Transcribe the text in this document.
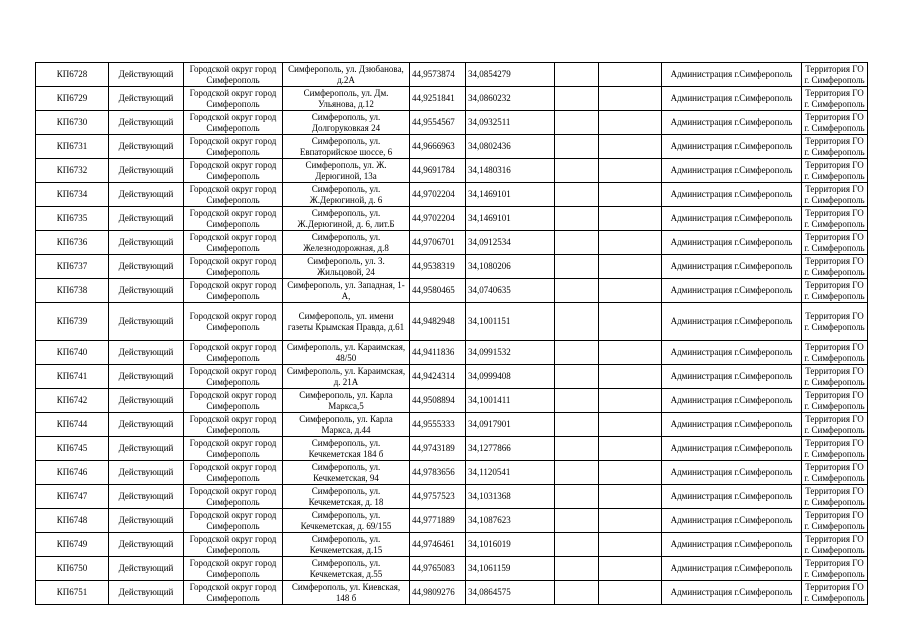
КП6728	Действующий	Городской округ город Симферополь	Симферополь, ул. Дзюбанова, д.2А	44,9573874	34,0854279			Администрация г.Симферополь	Территория ГО г. Симферополь
КП6729	Действующий	Городской округ город Симферополь	Симферополь, ул. Дм. Ульянова, д.12	44,9251841	34,0860232			Администрация г.Симферополь	Территория ГО г. Симферополь
КП6730	Действующий	Городской округ город Симферополь	Симферополь, ул. Долгоруковкая 24	44,9554567	34,0932511			Администрация г.Симферополь	Территория ГО г. Симферополь
КП6731	Действующий	Городской округ город Симферополь	Симферополь, ул. Евпаторийское шоссе, 6	44,9666963	34,0802436			Администрация г.Симферополь	Территория ГО г. Симферополь
КП6732	Действующий	Городской округ город Симферополь	Симферополь, ул. Ж. Дерюгиной, 13а	44,9691784	34,1480316			Администрация г.Симферополь	Территория ГО г. Симферополь
КП6734	Действующий	Городской округ город Симферополь	Симферополь, ул. Ж.Дерюгиной, д. 6	44,9702204	34,1469101			Администрация г.Симферополь	Территория ГО г. Симферополь
КП6735	Действующий	Городской округ город Симферополь	Симферополь, ул. Ж.Дерюгиной, д. 6, лит.Б	44,9702204	34,1469101			Администрация г.Симферополь	Территория ГО г. Симферополь
КП6736	Действующий	Городской округ город Симферополь	Симферополь, ул. Железнодорожная, д.8	44,9706701	34,0912534			Администрация г.Симферополь	Территория ГО г. Симферополь
КП6737	Действующий	Городской округ город Симферополь	Симферополь, ул. З. Жильцовой, 24	44,9538319	34,1080206			Администрация г.Симферополь	Территория ГО г. Симферополь
КП6738	Действующий	Городской округ город Симферополь	Симферополь, ул. Западная, 1-А,	44,9580465	34,0740635			Администрация г.Симферополь	Территория ГО г. Симферополь
КП6739	Действующий	Городской округ город Симферополь	Симферополь, ул. имени газеты Крымская Правда, д.61	44,9482948	34,1001151			Администрация г.Симферополь	Территория ГО г. Симферополь
КП6740	Действующий	Городской округ город Симферополь	Симферополь, ул. Караимская, 48/50	44,9411836	34,0991532			Администрация г.Симферополь	Территория ГО г. Симферополь
КП6741	Действующий	Городской округ город Симферополь	Симферополь, ул. Караимская, д. 21А	44,9424314	34,0999408			Администрация г.Симферополь	Территория ГО г. Симферополь
КП6742	Действующий	Городской округ город Симферополь	Симферополь, ул. Карла Маркса,5	44,9508894	34,1001411			Администрация г.Симферополь	Территория ГО г. Симферополь
КП6744	Действующий	Городской округ город Симферополь	Симферополь, ул. Карла Маркса, д.44	44,9555333	34,0917901			Администрация г.Симферополь	Территория ГО г. Симферополь
КП6745	Действующий	Городской округ город Симферополь	Симферополь, ул. Кечкеметская 184 б	44,9743189	34,1277866			Администрация г.Симферополь	Территория ГО г. Симферополь
КП6746	Действующий	Городской округ город Симферополь	Симферополь, ул. Кечкеметская, 94	44,9783656	34,1120541			Администрация г.Симферополь	Территория ГО г. Симферополь
КП6747	Действующий	Городской округ город Симферополь	Симферополь, ул. Кечкеметская, д. 18	44,9757523	34,1031368			Администрация г.Симферополь	Территория ГО г. Симферополь
КП6748	Действующий	Городской округ город Симферополь	Симферополь, ул. Кечкеметская, д. 69/155	44,9771889	34,1087623			Администрация г.Симферополь	Территория ГО г. Симферополь
КП6749	Действующий	Городской округ город Симферополь	Симферополь, ул. Кечкеметская, д.15	44,9746461	34,1016019			Администрация г.Симферополь	Территория ГО г. Симферополь
КП6750	Действующий	Городской округ город Симферополь	Симферополь, ул. Кечкеметская, д.55	44,9765083	34,1061159			Администрация г.Симферополь	Территория ГО г. Симферополь
КП6751	Действующий	Городской округ город Симферополь	Симферополь, ул. Киевская, 148 б	44,9809276	34,0864575			Администрация г.Симферополь	Территория ГО г. Симферополь
